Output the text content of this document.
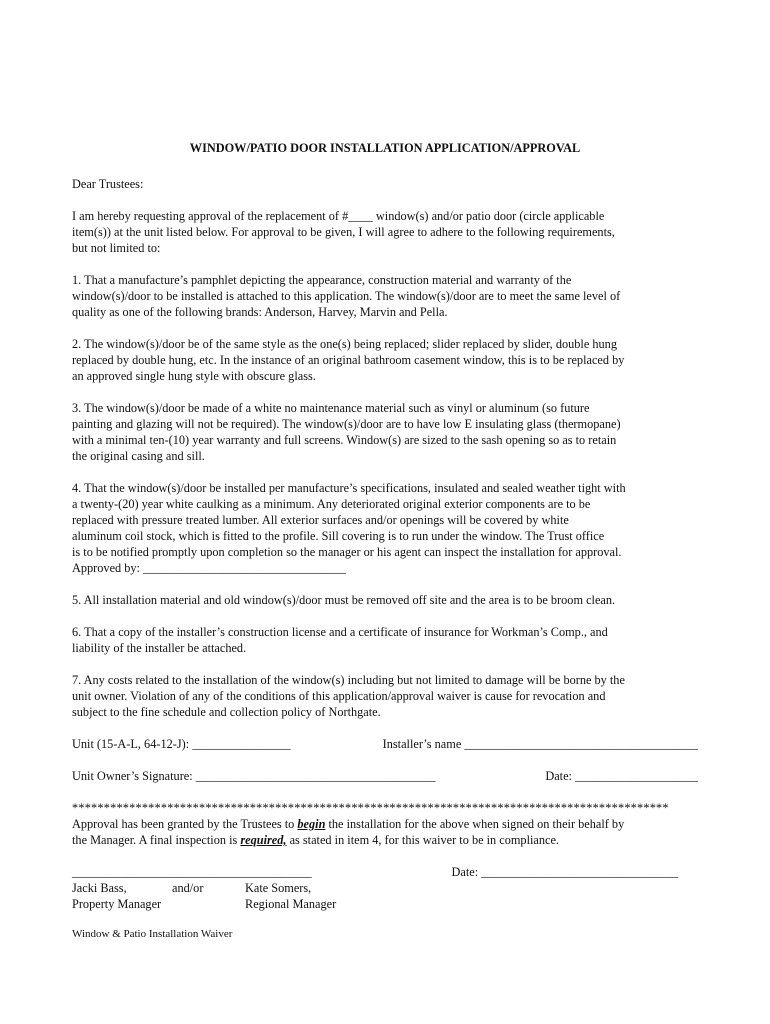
WINDOW/PATIO DOOR INSTALLATION APPLICATION/APPROVAL

Dear Trustees:

I am hereby requesting approval of the replacement of #____ window(s) and/or patio door (circle applicable
item(s)) at the unit listed below. For approval to be given, I will agree to adhere to the following requirements,
but not limited to:

1. That a manufacture’s pamphlet depicting the appearance, construction material and warranty of the
window(s)/door to be installed is attached to this application. The window(s)/door are to meet the same level of
quality as one of the following brands: Anderson, Harvey, Marvin and Pella.

2. The window(s)/door be of the same style as the one(s) being replaced; slider replaced by slider, double hung
replaced by double hung, etc. In the instance of an original bathroom casement window, this is to be replaced by
an approved single hung style with obscure glass.

3. The window(s)/door be made of a white no maintenance material such as vinyl or aluminum (so future
painting and glazing will not be required). The window(s)/door are to have low E insulating glass (thermopane)
with a minimal ten-(10) year warranty and full screens. Window(s) are sized to the sash opening so as to retain
the original casing and sill.

4. That the window(s)/door be installed per manufacture’s specifications, insulated and sealed weather tight with
a twenty-(20) year white caulking as a minimum. Any deteriorated original exterior components are to be
replaced with pressure treated lumber. All exterior surfaces and/or openings will be covered by white
aluminum coil stock, which is fitted to the profile. Sill covering is to run under the window. The Trust office
is to be notified promptly upon completion so the manager or his agent can inspect the installation for approval.
Approved by: _________________________________

5. All installation material and old window(s)/door must be removed off site and the area is to be broom clean.

6. That a copy of the installer’s construction license and a certificate of insurance for Workman’s Comp., and
liability of the installer be attached.

7. Any costs related to the installation of the window(s) including but not limited to damage will be borne by the
unit owner. Violation of any of the conditions of this application/approval waiver is cause for revocation and
subject to the fine schedule and collection policy of Northgate.

Unit (15-A-L, 64-12-J): ________________	Installer’s name ______________________________________
Unit Owner’s Signature: _______________________________________	Date: ____________________
**********************************************************************************************

Approval has been granted by the Trustees to begin the installation for the above when signed on their behalf by
the Manager. A final inspection is required, as stated in item 4, for this waiver to be in compliance.

_______________________________________	Date: ________________________________
Jacki Bass,	and/or	Kate Somers,
Property Manager	Regional Manager
Window & Patio Installation Waiver
